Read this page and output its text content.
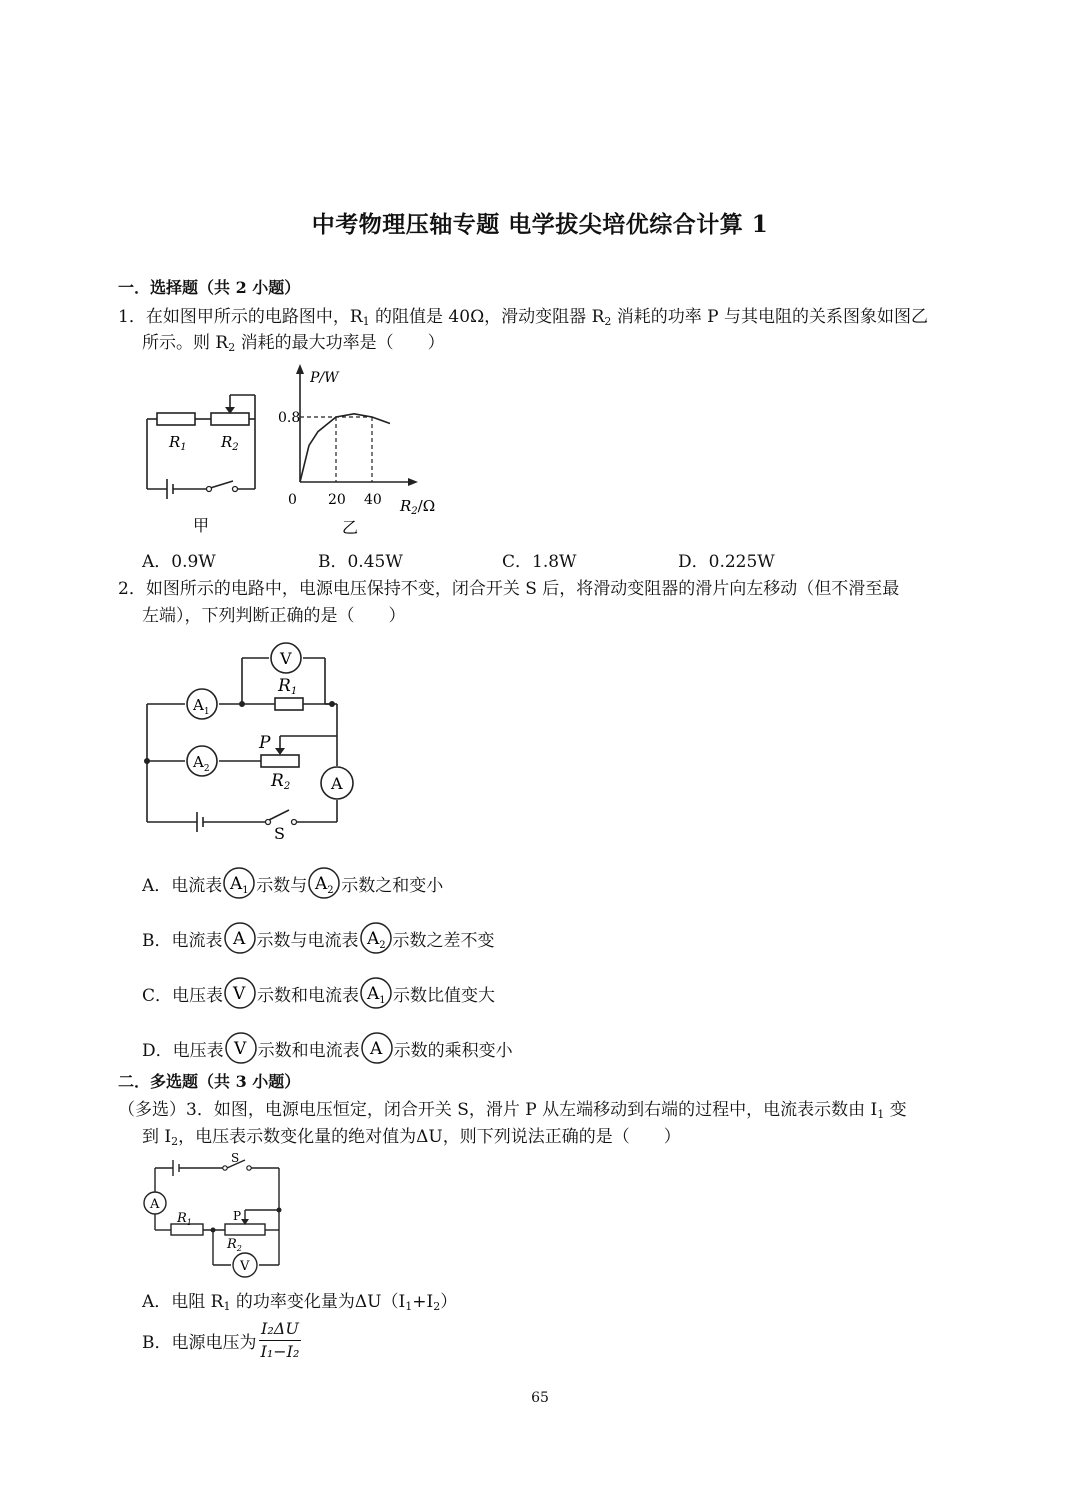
中考物理压轴专题 电学拔尖培优综合计算 1
一．选择题（共 2 小题）
1．在如图甲所示的电路图中，$R_1$ 的阻值是 40Ω，滑动变阻器 $R_2$ 消耗的功率 P 与其电阻的关系图象如图乙
所示。则 $R_2$ 消耗的最大功率是（　　）
$R_1$ $R_2$
甲
P/W
0.8
0 20 40 $R_2/\Omega$
乙
A．0.9W	B．0.45W	C．1.8W	D．0.225W
2．如图所示的电路中，电源电压保持不变，闭合开关 S 后，将滑动变阻器的滑片向左移动（但不滑至最
左端），下列判断正确的是（　　）
V
$A_1$
$A_2$
A
R1
P
R2
S
A．电流表 $A_1$ 示数与 $A_2$ 示数之和变小
B．电流表 A 示数与电流表 $A_2$ 示数之差不变
C．电压表 V 示数和电流表 $A_1$ 示数比值变大
D．电压表 V 示数和电流表 A 示数的乘积变小
二．多选题（共 3 小题）
（多选）3．如图，电源电压恒定，闭合开关 S，滑片 P 从左端移动到右端的过程中，电流表示数由 $I_1$ 变
到 $I_2$，电压表示数变化量的绝对值为ΔU，则下列说法正确的是（　　）
A
V
S
$R_1$	P
$R_2$
A．电阻 $R_1$ 的功率变化量为$\Delta U(I_1+I_2)$
B．电源电压为 $\frac{\text{I₂ΔU}}{\text{I₁−I₂}}$
65
